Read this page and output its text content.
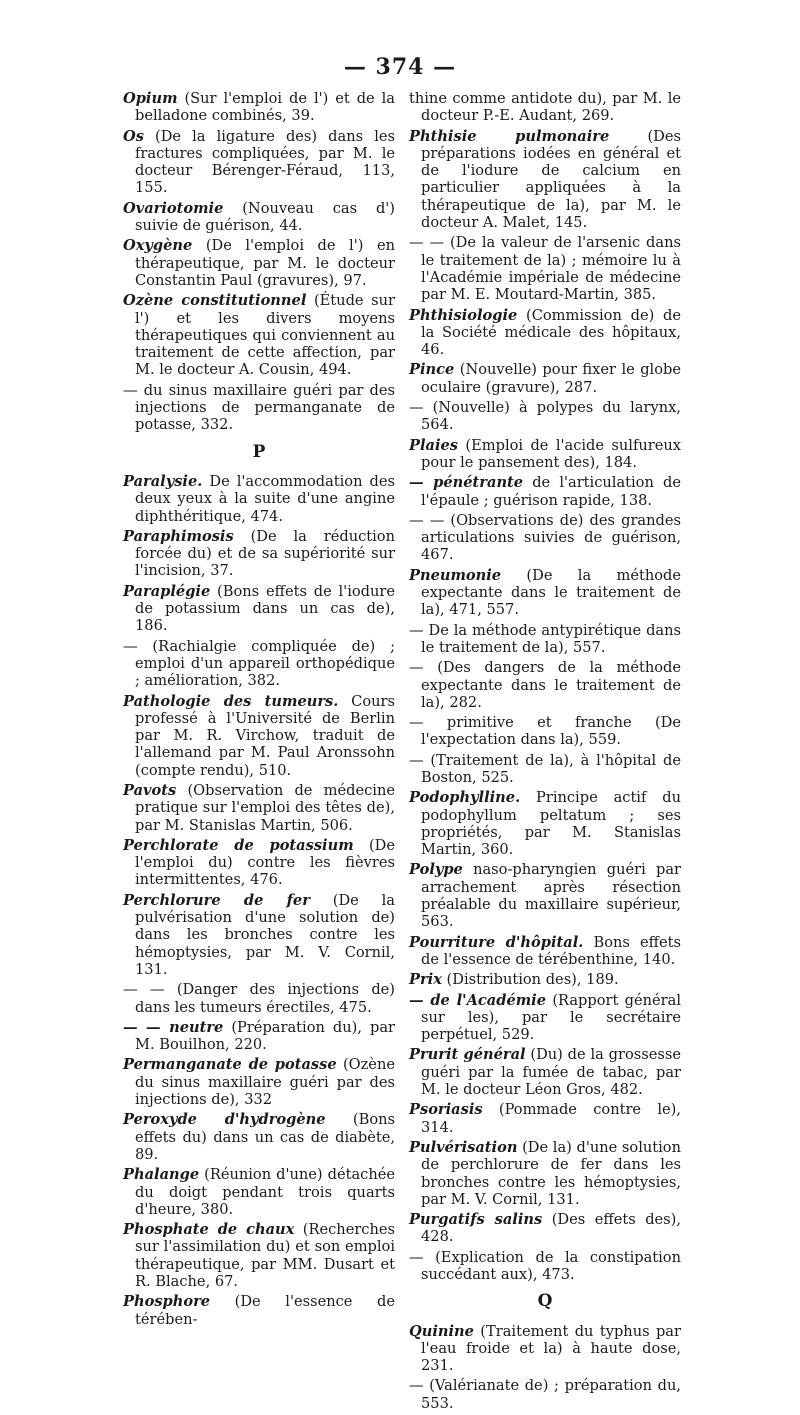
— 374 —

Opium (Sur l'emploi de l') et de la belladone combinés, 39.

Os (De la ligature des) dans les fractures compliquées, par M. le docteur Bérenger-Féraud, 113, 155.

Ovariotomie (Nouveau cas d') suivie de guérison, 44.

Oxygène (De l'emploi de l') en thérapeutique, par M. le docteur Constantin Paul (gravures), 97.

Ozène constitutionnel (Étude sur l') et les divers moyens thérapeutiques qui conviennent au traitement de cette affection, par M. le docteur A. Cousin, 494.

— du sinus maxillaire guéri par des injections de permanganate de potasse, 332.

P

Paralysie. De l'accommodation des deux yeux à la suite d'une angine diphthéritique, 474.

Paraphimosis (De la réduction forcée du) et de sa supériorité sur l'incision, 37.

Paraplégie (Bons effets de l'iodure de potassium dans un cas de), 186.

— (Rachialgie compliquée de) ; emploi d'un appareil orthopédique ; amélioration, 382.

Pathologie des tumeurs. Cours professé à l'Université de Berlin par M. R. Virchow, traduit de l'allemand par M. Paul Aronssohn (compte rendu), 510.

Pavots (Observation de médecine pratique sur l'emploi des têtes de), par M. Stanislas Martin, 506.

Perchlorate de potassium (De l'emploi du) contre les fièvres intermittentes, 476.

Perchlorure de fer (De la pulvérisation d'une solution de) dans les bronches contre les hémoptysies, par M. V. Cornil, 131.

— — (Danger des injections de) dans les tumeurs érectiles, 475.

— — neutre (Préparation du), par M. Bouilhon, 220.

Permanganate de potasse (Ozène du sinus maxillaire guéri par des injections de), 332

Peroxyde d'hydrogène (Bons effets du) dans un cas de diabète, 89.

Phalange (Réunion d'une) détachée du doigt pendant trois quarts d'heure, 380.

Phosphate de chaux (Recherches sur l'assimilation du) et son emploi thérapeutique, par MM. Dusart et R. Blache, 67.

Phosphore (De l'essence de térében-

thine comme antidote du), par M. le docteur P.-E. Audant, 269.

Phthisie pulmonaire (Des préparations iodées en général et de l'iodure de calcium en particulier appliquées à la thérapeutique de la), par M. le docteur A. Malet, 145.

— — (De la valeur de l'arsenic dans le traitement de la) ; mémoire lu à l'Académie impériale de médecine par M. E. Moutard-Martin, 385.

Phthisiologie (Commission de) de la Société médicale des hôpitaux, 46.

Pince (Nouvelle) pour fixer le globe oculaire (gravure), 287.

— (Nouvelle) à polypes du larynx, 564.

Plaies (Emploi de l'acide sulfureux pour le pansement des), 184.

— pénétrante de l'articulation de l'épaule ; guérison rapide, 138.

— — (Observations de) des grandes articulations suivies de guérison, 467.

Pneumonie (De la méthode expectante dans le traitement de la), 471, 557.

— De la méthode antypirétique dans le traitement de la), 557.

— (Des dangers de la méthode expectante dans le traitement de la), 282.

— primitive et franche (De l'expectation dans la), 559.

— (Traitement de la), à l'hôpital de Boston, 525.

Podophylline. Principe actif du podophyllum peltatum ; ses propriétés, par M. Stanislas Martin, 360.

Polype naso-pharyngien guéri par arrachement après résection préalable du maxillaire supérieur, 563.

Pourriture d'hôpital. Bons effets de l'essence de térébenthine, 140.

Prix (Distribution des), 189.

— de l'Académie (Rapport général sur les), par le secrétaire perpétuel, 529.

Prurit général (Du) de la grossesse guéri par la fumée de tabac, par M. le docteur Léon Gros, 482.

Psoriasis (Pommade contre le), 314.

Pulvérisation (De la) d'une solution de perchlorure de fer dans les bronches contre les hémoptysies, par M. V. Cornil, 131.

Purgatifs salins (Des effets des), 428.

— (Explication de la constipation succédant aux), 473.

Q

Quinine (Traitement du typhus par l'eau froide et la) à haute dose, 231.

— (Valérianate de) ; préparation du, 553.
